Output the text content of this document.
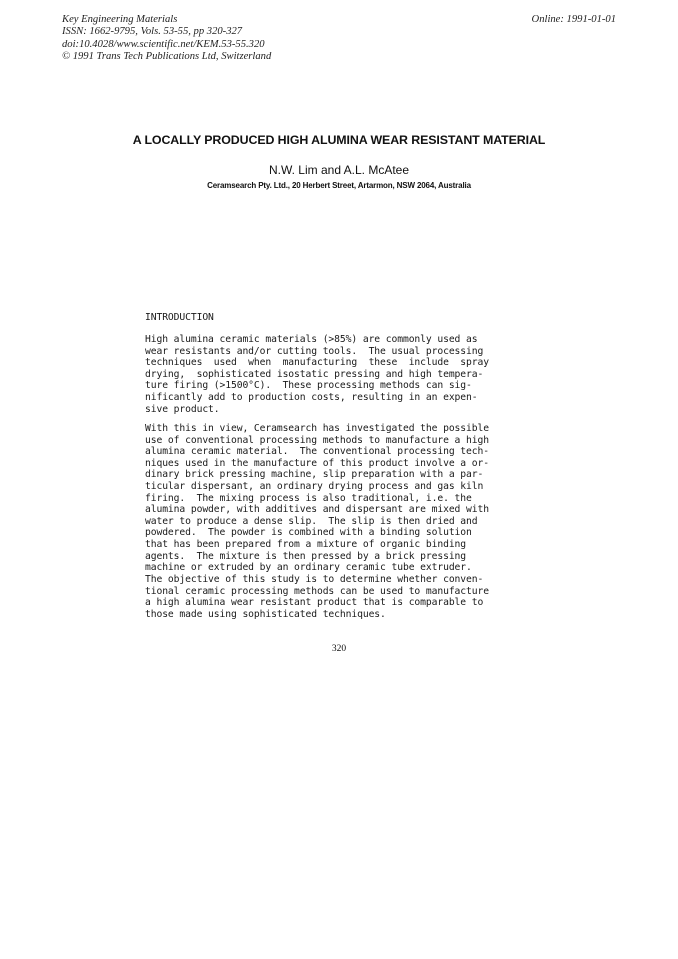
Key Engineering Materials
ISSN: 1662-9795, Vols. 53-55, pp 320-327
doi:10.4028/www.scientific.net/KEM.53-55.320
© 1991 Trans Tech Publications Ltd, Switzerland
Online: 1991-01-01
A LOCALLY PRODUCED HIGH ALUMINA WEAR RESISTANT MATERIAL
N.W. Lim and A.L. McAtee
Ceramsearch Pty. Ltd., 20 Herbert Street, Artarmon, NSW 2064, Australia
INTRODUCTION
High alumina ceramic materials (>85%) are commonly used as
wear resistants and/or cutting tools.  The usual processing
techniques  used  when  manufacturing  these  include  spray
drying,  sophisticated isostatic pressing and high tempera-
ture firing (>1500°C).  These processing methods can sig-
nificantly add to production costs, resulting in an expen-
sive product.
With this in view, Ceramsearch has investigated the possible
use of conventional processing methods to manufacture a high
alumina ceramic material.  The conventional processing tech-
niques used in the manufacture of this product involve a or-
dinary brick pressing machine, slip preparation with a par-
ticular dispersant, an ordinary drying process and gas kiln
firing.  The mixing process is also traditional, i.e. the
alumina powder, with additives and dispersant are mixed with
water to produce a dense slip.  The slip is then dried and
powdered.  The powder is combined with a binding solution
that has been prepared from a mixture of organic binding
agents.  The mixture is then pressed by a brick pressing
machine or extruded by an ordinary ceramic tube extruder.
The objective of this study is to determine whether conven-
tional ceramic processing methods can be used to manufacture
a high alumina wear resistant product that is comparable to
those made using sophisticated techniques.
320
